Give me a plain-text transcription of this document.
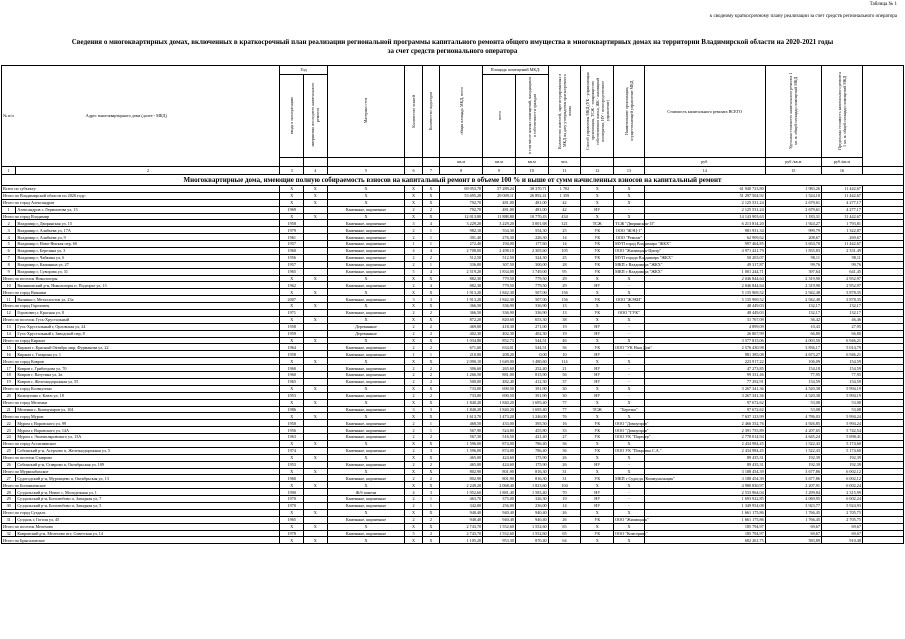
Таблица № 1
к сводному краткосрочному плану реализации за счет средств регионального оператора
Сведения о многоквартирных домах, включенных в краткосрочный план реализации региональной программы капитального ремонта общего имущества в многоквартирных домах на территории Владимирской области на 2020-2021 годы
за счет средств регионального оператора
№ п/п Адрес многоквартирного дома (далее - МКД)		Год		Материал стен	Количество этажей	Количество подъездов	общая площадь МКД, всего	Площадь помещений МКД:		Количество жителей, зарегистрированных в МКД на дату утверждения краткосрочного плана	Способ управления МКД (УК - управляющая организация, ТСЖ - товарищество собственников жилья, ЖК - жилищный кооператив, НУ - непосредственное управление)	Наименование организации, осуществляющей управление МКД	Стоимость капитального ремонта ВСЕГО	Удельная стоимость капитального ремонта 1 кв. м. общей площади помещений МКД	Предельная стоимость капитального ремонта 1 кв. м. общей площади помещений МКД	
		ввода в эксплуатацию	завершения последнего капитального ремонта					всего	в том числе жилых помещений, находящихся в собственности граждан							
							кв.м	кв.м	кв.м	чел.			руб.	руб./кв.м	руб./кв.м	
1	2	3	4	5	6	7	8	9	10	11	12	13	14	15	16	
Многоквартирные дома, имеющие полную собираемость взносов на капитальный ремонт в объеме 100 % и выше от сумм начисленных взносов на капитальный ремонт																
Всего по субъекту:		X	X	X	X	X	69 053,78	57 289,24	38 370,71	1 702	X	X	61 940 723,80	1 983,26	11 442,67	
Итого по Владимирской области по 2020 году:		X	X	X	X	X	53 695,28	29 009,11	26 892,41	1 359	X	X	51 297 504,92	1 524,18	11 442,67	
Итого по город Александров		X	X	X	X	X	792,70	481,00	481,00	42	X	X	2 125 531,24	2 679,61	4 277,17	
1	Александров г, Лермонтова ул, 13	1969		Каменные, кирпичные	2	2	792,70	481,00	481,00	42	НУ	-	2 125 531,24	2 679,61	4 277,17	
Итого по город Владимир		X	X	X	X	X	12 013,80	11 888,80	10 770,43	434	X	X	14 143 903,63	1 183,31	11 442,67	
2	Владимир г, Дворянская ул, 15	1958		Каменные, кирпичные	3	4	3 229,20	3 229,20	3 001,68	121	ТСЖ	ТСЖ "Дворянская-15"	6 213 814,20	1 924,27	1 793,81	
3	Владимир г, Алябьева ул, 17А	1979		Каменные, кирпичные	2	1	982,10	554,30	554,30	25	УК	ООО "ЖЭЦ-1"	981 931,34	999,79	1 322,87	
4	Владимир г, Алябьева ул, 9	1961		Каменные, кирпичные	2	1	301,40	276,30	226,30	14	УК	ООО "Ремонт"	62 909,62	208,67	269,67	
5	Владимир г, Ново-Ямская пер, 60	1957		Каменные, кирпичные	1	1	272,40	194,00	177,60	14	УК	МУП город Владимира "ЖКХ"	997 464,85	3 654,70	11 442,67	
6	Владимир г, Березина ул, 3	1960		Каменные, кирпичные	4	4	2 708,00	2 498,10	2 305,60	105	УК	ООО "Жилищник-Центр"	4 971 421,79	1 835,83	2 331,49	
7	Владимир г, Чайкина ул, 6	1956		Каменные, кирпичные	2	2	512,50	512,50	324,30	25	УК	МУП города Владимира "ЖКХ"	50 203,07	98,11	98,11	
8	Владимир г, Каманина ул, 27	1957		Каменные, кирпичные	2	1	336,00	307,50	300,00	28	УК	МКП г Владимира "ЖКХ"	49 317,87	99,76	99,76	
9	Владимир г, Суворова ул, 31	1965		Каменные, кирпичные	5	4	2 519,20	1 834,00	1 749,00	95	УК	МКП г Владимира "ЖКХ"	1 001 244,71	397,64	641,45	
Итого по поселок Никологоры		X	X	X	X	X	882,30	779,50	779,50	29	X	X	2 046 844,64	2 319,90	2 952,97	
10	Вязниковский р-н, Никологоры п, Подгорье ул, 13	1962		Каменные, кирпичные	2	4	882,30	779,50	779,50	29	НУ	-	2 046 844,64	2 319,90	2 952,97	
Итого по город Вязники		X	X	X	X	X	1 913,20	1 842,30	507,00	156	X	X	5 135 969,52	2 942,48	3 878,35	
11	Вязники г, Металлистов ул, 23а	2007		Каменные, кирпичные	3	3	1 913,20	1 842,30	507,00	156	УК	ООО "ЖЭКИ"	5 135 969,52	2 942,48	3 878,35	
Итого по город Гороховец		X	X	X	X	X	366,50	336,90	336,90	13	X	X	48 449,03	132,17	132,17	
12	Гороховец г, Красная ул, 8	1971		Каменные, кирпичные	2	2	366,50	336,90	336,90	13	УК	ООО "ГУК"	48 449,03	132,17	132,17	
Итого по поселок Гусь-Хрустальный		X	X	X	X	X	872,20	820,60	653,30	38	X	X	31 767,09	36,42	46,46	
13	Гусь-Хрустальный г, Орловская ул, 24	1958		Деревянные	2	2	469,00	418,30	271,00	19	НУ	-	4 899,09	10,43	27,95	
14	Гусь-Хрустальный г, Заводской пер, 8	1959		Деревянные	2	2	402,30	402,30	402,30	19	НУ	-	26 867,99	66,80	66,80	
Итого по город Киржач		X	X	X	X	X	1 034,80	852,73	544,51	46	X	X	3 577 815,06	4 003,50	6 946,21	
15	Киржач г, Красный Октябрь мкр, Фурманова ул, 22	1964		Каменные, кирпичные	2	2	671,60	634,01	544,51	36	УК	ООО "УК Наш Дом"	2 576 430,98	3 836,17	5 014,79	
16	Киржач г, Гагарина ул, 1	1958		Каменные, кирпичные	1	1	210,00	208,20	0,00	10	НУ	-	981 385,08	4 673,27	6 946,21	
Итого по город Ковров		X	X	X	X	X	2 090,10	1 649,00	1 480,60	114	X	X	223 917,22	106,09	154,59	
17	Ковров г, Грибоедова ул, 70	1960		Каменные, кирпичные	2	2	306,60	265,60	252,40	21	НУ	-	47 273,85	154,18	154,59	
18	Ковров г, Ватутина ул, 2в	1960		Каменные, кирпичные	2	2	1 266,50	881,00	815,90	56	НУ	-	99 331,46	77,95	77,95	
19	Ковров г, Железнодорожная ул, 55	1965		Каменные, кирпичные	2	2	500,00	482,40	412,30	37	НУ	-	77 292,91	154,59	154,59	
Итого по город Кольчугино		X	X	X	X	X	733,00	690,50	391,90	30	X	X	3 267 341,36	4 520,38	5 994,19	
20	Кольчугино г, Ключ ул, 18	1953		Каменные, кирпичные	2	2	733,00	690,50	391,90	30	НУ	-	3 267 341,36	4 520,38	5 994,19	
Итого по город Меленки		X	X	X	X	X	1 840,20	1 840,20	1 695,40	77	X	X	97 672,62	53,08	53,08	
21	Меленки г, Коммунаров ул, 104	1986		Каменные, кирпичные	3	3	1 840,20	1 840,20	1 695,40	77	ТСЖ	"Березка"	97 672,62	53,08	53,08	
Итого по город Муром		X	X	X	X	X	1 613,70	1 473,20	1 246,00	76	X	X	7 637 123,99	4 786,03	5 994,24	
22	Муром г, Воровского ул, 99	1950		Каменные, кирпичные	2	1	468,50	433,00	395,50	16	УК	ООО "Домоуправ"	2 466 352,76	4 926,85	5 994,24	
23	Муром г, Воровского ул, 14А	1956		Каменные, кирпичные	2	1	567,90	524,80	455,80	33	УК	ООО "Домоуправ"	2 391 755,89	4 207,65	5 742,54	
24	Муром г, Экземпляровского ул, 13А	1963		Каменные, кирпичные	2	2	567,30	516,50	421,40	27	УК	ООО УК "Партнер"	2 778 014,94	4 645,24	5 698,41	
Итого по город Ассигнвисное		X	X	X	X	X	1 596,00	874,00	786,40	36	X	X	2 434 984,45	1 522,43	5 174,60	
25	Собинский р-н, Асерхово п, Железнодорожная ул, 5	1974		Каменные, кирпичные	2	3	1 596,00	874,00	786,40	36	УК	ООО УК "Покровка С.А."	2 434 984,45	1 522,43	5 174,60	
Итого по поселок Ставрово		X	X	X	X	X	465,00	424,60	175,90	26	X	X	89 435,31	192,39	192,39	
26	Собинский р-н, Ставрово п, Октябрьская ул, 109	1953		Каменные, кирпичные	2	2	465,00	424,60	175,90	26	НУ	-	89 435,31	192,39	192,39	
Итого по Мурмонбахское		X	X	X	X	X	802,90	801,90	816,30	31	X	X	3 188 454,39	3 677,86	6 002,12	
27	Судогодский р-н, Муромцево п, Октябрьская ул, 13	1960		Каменные, кирпичные	2	2	802,90	801,90	816,30	31	УК	МКП г Судогда "Коммунальщик"	3 188 454,39	3 677,86	6 002,12	
Итого по Богоявленское		X	X	X	X	X	2 249,20	2 068,40	1 823,60	104	X	X	4 980 830,97	2 207,91	6 002,24	
28	Суздальский р-н, Новое с, Молодежная ул, 1	1990		Ж/б панели	4	3	1 952,60	1 881,40	1 583,40	70	НУ	-	2 533 964,04	1 299,84	2 315,99	
29	Суздальский р-н, Боголюбово п, Западная ул, 7	1970		Каменные, кирпичные	2	1	463,70	375,00	326,30	19	НУ	-	1 693 922,85	4 069,95	6 002,24	
30	Суздальский р-н, Боголюбово п, Западная ул, 5	1970		Каменные, кирпичные	2	1	342,00	256,00	236,00	14	НУ	-	1 349 954,08	3 923,77	5 924,93	
Итого по город Суздаль		X	X	X	X	X	940,40	940,40	940,40	26	X	X	1 661 175,86	1 766,45	2 705,75	
31	Суздаль г, Гоголя ул, 45	1965		Каменные, кирпичные	2	2	940,40	940,40	940,40	26	УК	ООО "Жилищник"	1 661 175,86	1 766,45	2 705,75	
Итого по поселок Мелехово		X	X	X	X	X	2 743,70	1 552,60	1 552,60	65	X	X	185 794,97	69,67	69,67	
32	Ковровский р-н, Мелехово пгт, Советская ул, 14	1978		Каменные, кирпичные	5	2	2 743,70	1 552,60	1 552,60	65	УК	ООО "Комсервис"	185 794,97	69,67	69,67	
Итого по Брыгаловское		X	X	X	X	X	1 105,20	953,30	870,40	64	X	X	682 261,75	583,89	910,48	
